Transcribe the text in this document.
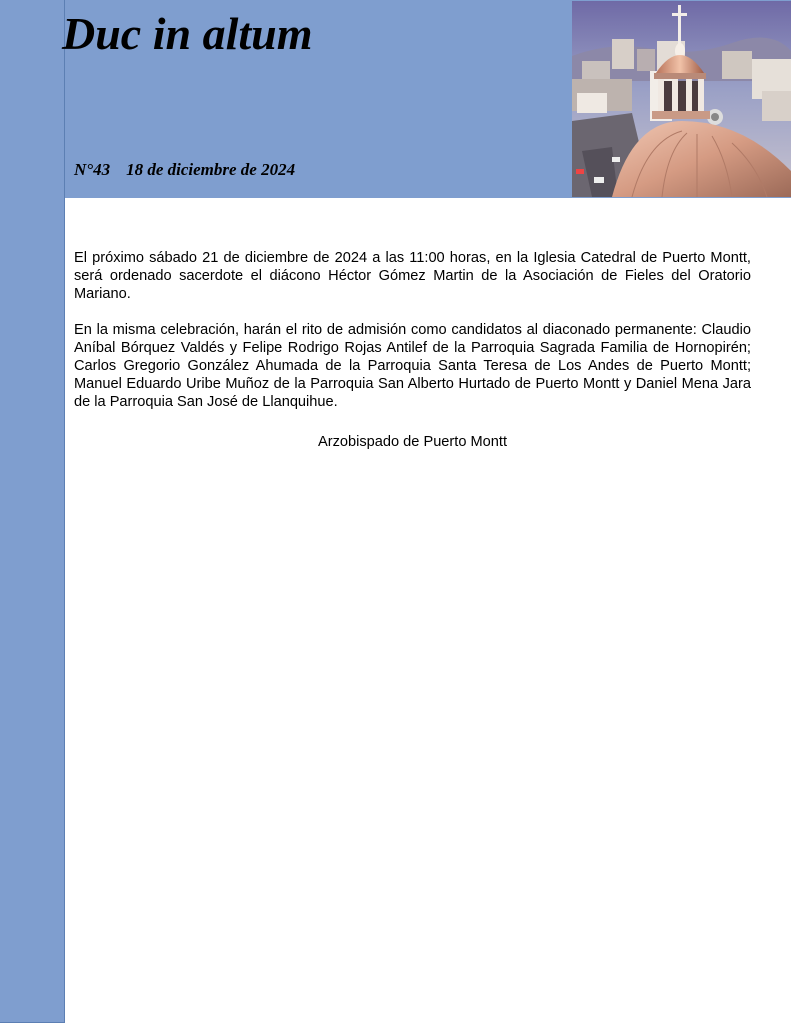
Duc in altum
N°43 18 de diciembre de 2024

El próximo sábado 21 de diciembre de 2024 a las 11:00 horas, en la Iglesia Catedral de Puerto Montt, será ordenado sacerdote el diácono Héctor Gómez Martin de la Asociación de Fieles del Oratorio Mariano.

En la misma celebración, harán el rito de admisión como candidatos al diaconado permanente: Claudio Aníbal Bórquez Valdés y Felipe Rodrigo Rojas Antilef de la Parroquia Sagrada Familia de Hornopirén; Carlos Gregorio González Ahumada de la Parroquia Santa Teresa de Los Andes de Puerto Montt; Manuel Eduardo Uribe Muñoz de la Parroquia San Alberto Hurtado de Puerto Montt y Daniel Mena Jara de la Parroquia San José de Llanquihue.

Arzobispado de Puerto Montt
